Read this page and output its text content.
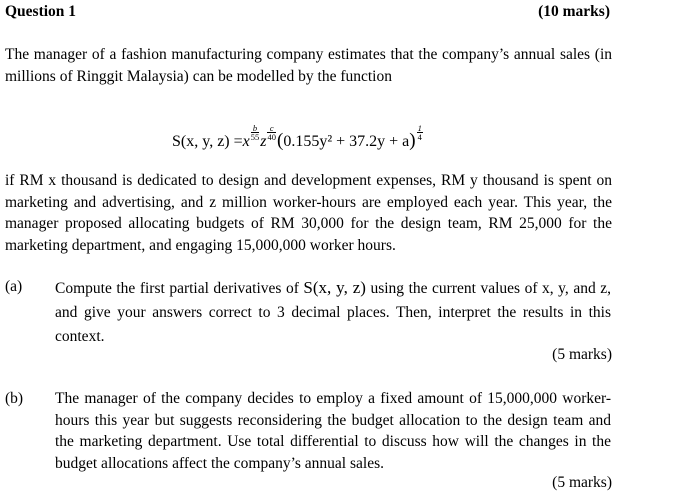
Question 1	(10 marks)

The manager of a fashion manufacturing company estimates that the company’s annual sales (in millions of Ringgit Malaysia) can be modelled by the function

S(x, y, z) =x
$\frac{b}{55}$
z
$\frac{c}{40} (0.155y^2 + 37.2y + a) \frac{1}{4}$

if RM x thousand is dedicated to design and development expenses, RM y thousand is spent on marketing and advertising, and z million worker-hours are employed each year. This year, the manager proposed allocating budgets of RM 30,000 for the design team, RM 25,000 for the marketing department, and engaging 15,000,000 worker hours.

(a) Compute the first partial derivatives of S(x, y, z) using the current values of x, y, and z, and give your answers correct to 3 decimal places. Then, interpret the results in this context.

(5 marks)
(b) The manager of the company decides to employ a fixed amount of 15,000,000 worker-hours this year but suggests reconsidering the budget allocation to the design team and the marketing department. Use total differential to discuss how will the changes in the budget allocations affect the company’s annual sales.

(5 marks)
